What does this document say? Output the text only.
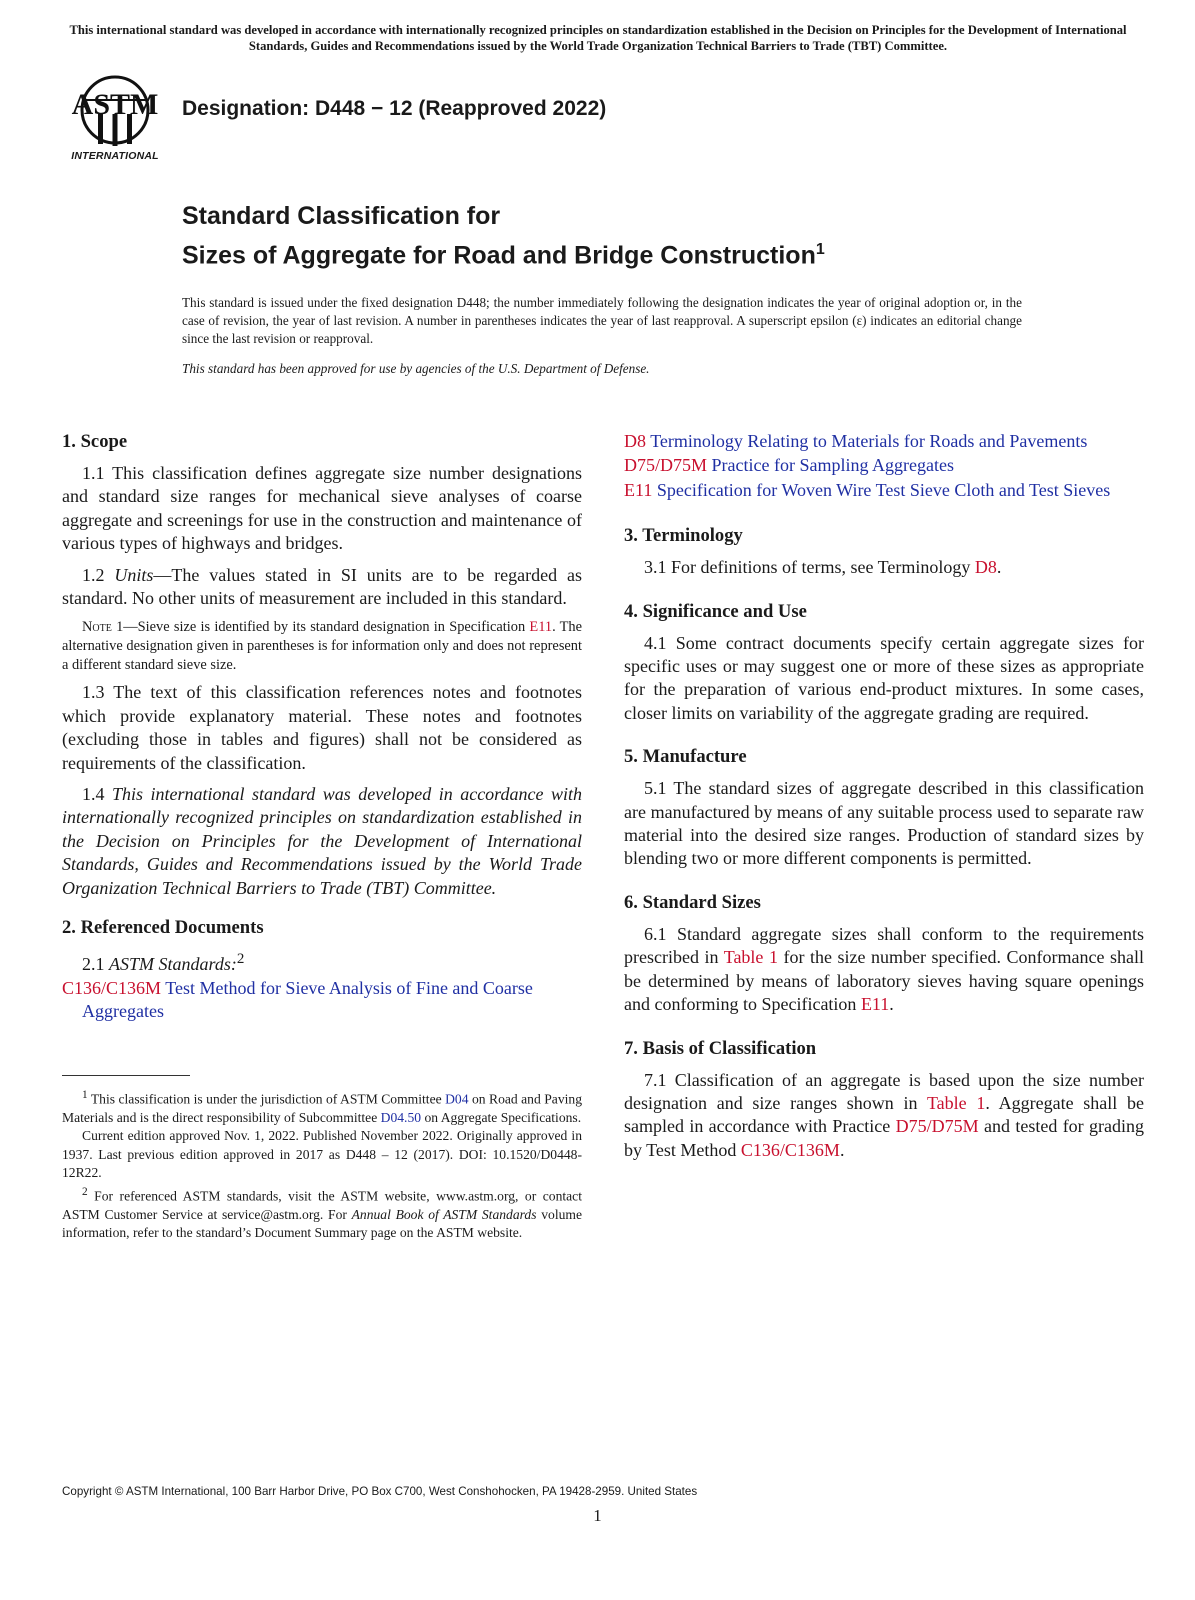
This international standard was developed in accordance with internationally recognized principles on standardization established in the Decision on Principles for the Development of International Standards, Guides and Recommendations issued by the World Trade Organization Technical Barriers to Trade (TBT) Committee.
ASTM
INTERNATIONAL
Designation: D448 − 12 (Reapproved 2022)
Standard Classification for
Sizes of Aggregate for Road and Bridge Construction$^1$
This standard is issued under the fixed designation D448; the number immediately following the designation indicates the year of original adoption or, in the case of revision, the year of last revision. A number in parentheses indicates the year of last reapproval. A superscript epsilon (ε) indicates an editorial change since the last revision or reapproval.
This standard has been approved for use by agencies of the U.S. Department of Defense.
1. Scope

1.1 This classification defines aggregate size number designations and standard size ranges for mechanical sieve analyses of coarse aggregate and screenings for use in the construction and maintenance of various types of highways and bridges.

1.2 Units—The values stated in SI units are to be regarded as standard. No other units of measurement are included in this standard.

Note 1—Sieve size is identified by its standard designation in Specification E11. The alternative designation given in parentheses is for information only and does not represent a different standard sieve size.

1.3 The text of this classification references notes and footnotes which provide explanatory material. These notes and footnotes (excluding those in tables and figures) shall not be considered as requirements of the classification.

1.4 This international standard was developed in accordance with internationally recognized principles on standardization established in the Decision on Principles for the Development of International Standards, Guides and Recommendations issued by the World Trade Organization Technical Barriers to Trade (TBT) Committee.

2. Referenced Documents

2.1 ASTM Standards:$^2$

C136/C136M Test Method for Sieve Analysis of Fine and Coarse Aggregates

D8 Terminology Relating to Materials for Roads and Pavements

D75/D75M Practice for Sampling Aggregates

E11 Specification for Woven Wire Test Sieve Cloth and Test Sieves

3. Terminology

3.1 For definitions of terms, see Terminology D8.

4. Significance and Use

4.1 Some contract documents specify certain aggregate sizes for specific uses or may suggest one or more of these sizes as appropriate for the preparation of various end-product mixtures. In some cases, closer limits on variability of the aggregate grading are required.

5. Manufacture

5.1 The standard sizes of aggregate described in this classification are manufactured by means of any suitable process used to separate raw material into the desired size ranges. Production of standard sizes by blending two or more different components is permitted.

6. Standard Sizes

6.1 Standard aggregate sizes shall conform to the requirements prescribed in Table 1 for the size number specified. Conformance shall be determined by means of laboratory sieves having square openings and conforming to Specification E11.

7. Basis of Classification

7.1 Classification of an aggregate is based upon the size number designation and size ranges shown in Table 1. Aggregate shall be sampled in accordance with Practice D75/D75M and tested for grading by Test Method C136/C136M.

$^1$ This classification is under the jurisdiction of ASTM Committee D04 on Road and Paving Materials and is the direct responsibility of Subcommittee D04.50 on Aggregate Specifications.

Current edition approved Nov. 1, 2022. Published November 2022. Originally approved in 1937. Last previous edition approved in 2017 as D448 – 12 (2017). DOI: 10.1520/D0448-12R22.

$^2$ For referenced ASTM standards, visit the ASTM website, www.astm.org, or contact ASTM Customer Service at service@astm.org. For Annual Book of ASTM Standards volume information, refer to the standard’s Document Summary page on the ASTM website.

Copyright © ASTM International, 100 Barr Harbor Drive, PO Box C700, West Conshohocken, PA 19428-2959. United States
1
